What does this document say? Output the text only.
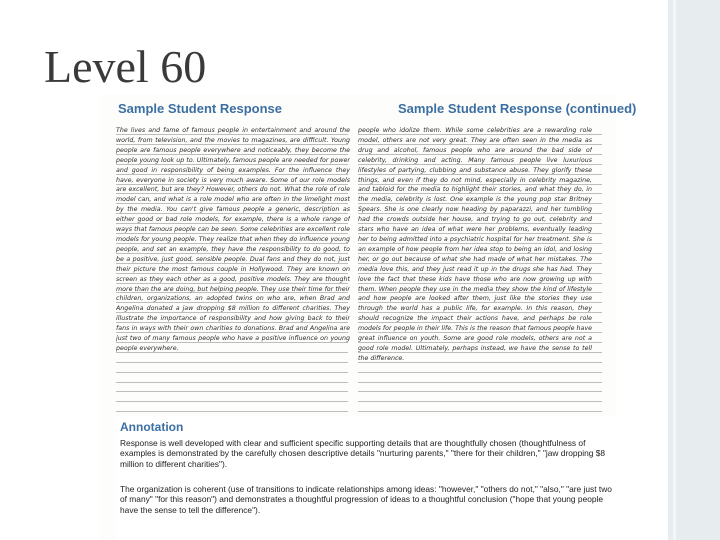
Level 60
Sample Student Response	Sample Student Response (continued)

The lives and fame of famous people in entertainment and around the world, from television, and the movies to magazines, are difficult. Young people are famous people everywhere and noticeably, they become the people young look up to. Ultimately, famous people are needed for power and good in responsibility of being examples. For the influence they have, everyone in society is very much aware. Some of our role models are excellent, but are they? However, others do not. What the role of role model can, and what is a role model who are often in the limelight most by the media. You can't give famous people a generic, description as either good or bad role models, for example, there is a whole range of ways that famous people can be seen. Some celebrities are excellent role models for young people. They realize that when they do influence young people, and set an example, they have the responsibility to do good, to be a positive, just good, sensible people. Dual fans and they do not, just their picture the most famous couple in Hollywood. They are known on screen as they each other as a good, positive models. They are thought more than the are doing, but helping people. They use their time for their children, organizations, an adopted twins on who are, when Brad and Angelina donated a jaw dropping $8 million to different charities. They illustrate the importance of responsibility and how giving back to their fans in ways with their own charities to donations. Brad and Angelina are just two of many famous people who have a positive influence on young people everywhere.

people who idolize them. While some celebrities are a rewarding role model, others are not very great. They are often seen in the media as drug and alcohol, famous people who are around the bad side of celebrity, drinking and acting. Many famous people live luxurious lifestyles of partying, clubbing and substance abuse. They glorify these things, and even if they do not mind, especially in celebrity magazine, and tabloid for the media to highlight their stories, and what they do, in the media, celebrity is lost. One example is the young pop star Britney Spears. She is one clearly now heading by paparazzi, and her tumbling had the crowds outside her house, and trying to go out, celebrity and stars who have an idea of what were her problems, eventually leading her to being admitted into a psychiatric hospital for her treatment. She is an example of how people from her idea stop to being an idol, and losing her, or go out because of what she had made of what her mistakes. The media love this, and they just read it up in the drugs she has had. They love the fact that these kids have those who are now growing up with them. When people they use in the media they show the kind of lifestyle and how people are looked after them, just like the stories they use through the world has a public life, for example. In this reason, they should recognize the impact their actions have, and perhaps be role models for people in their life. This is the reason that famous people have great influence on youth. Some are good role models, others are not a good role model. Ultimately, perhaps instead, we have the sense to tell the difference.

Annotation

Response is well developed with clear and sufficient specific supporting details that are thoughtfully chosen (thoughtfulness of examples is demonstrated by the carefully chosen descriptive details "nurturing parents," "there for their children," "jaw dropping $8 million to different charities").

The organization is coherent (use of transitions to indicate relationships among ideas: "however," "others do not," "also," "are just two of many" "for this reason") and demonstrates a thoughtful progression of ideas to a thoughtful conclusion ("hope that young people have the sense to tell the difference").
